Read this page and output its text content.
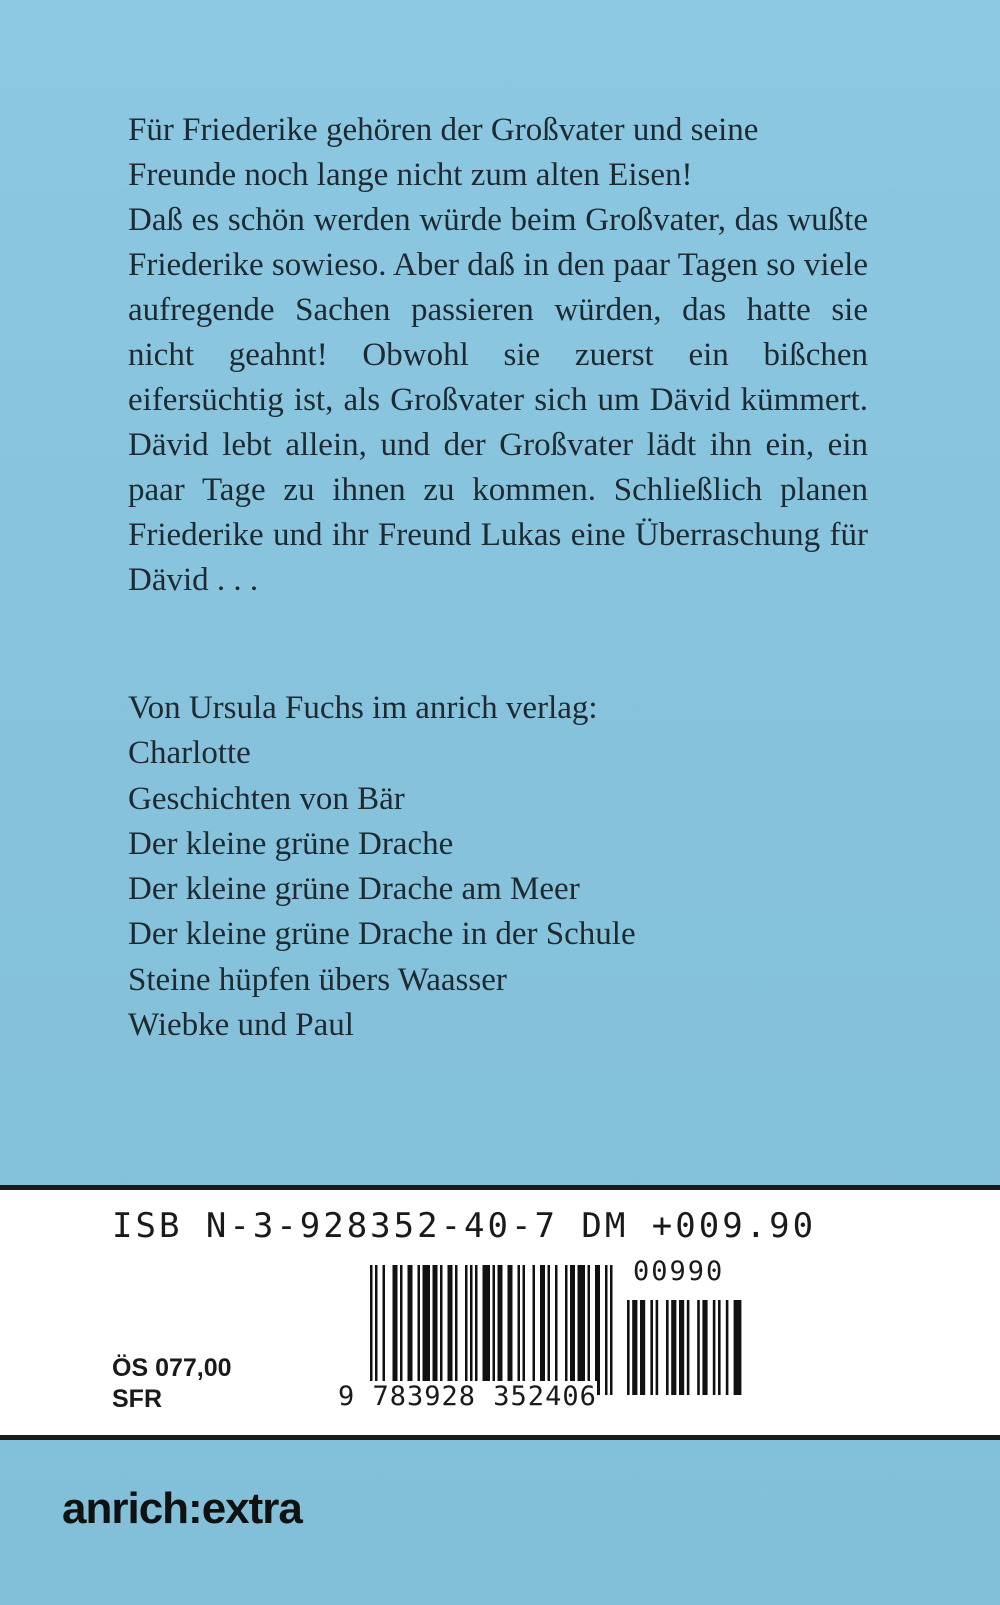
Für Friederike gehören der Großvater und seine Freunde noch lange nicht zum alten Eisen!

Daß es schön werden würde beim Großvater, das wußte Friederike sowieso. Aber daß in den paar Tagen so viele aufregende Sachen passieren würden, das hatte sie nicht geahnt! Obwohl sie zuerst ein bißchen eifersüchtig ist, als Großvater sich um Dävid kümmert. Dävid lebt allein, und der Großvater lädt ihn ein, ein paar Tage zu ihnen zu kommen. Schließlich planen Friederike und ihr Freund Lukas eine Überraschung für Dävid . . .

Von Ursula Fuchs im anrich verlag:
Charlotte
Geschichten von Bär
Der kleine grüne Drache
Der kleine grüne Drache am Meer
Der kleine grüne Drache in der Schule
Steine hüpfen übers Waasser
Wiebke und Paul
ISB N-3-928352-40-7 DM +009.90
00990
9 783928 352406
ÖS 077,00
SFR
anrich:extra
